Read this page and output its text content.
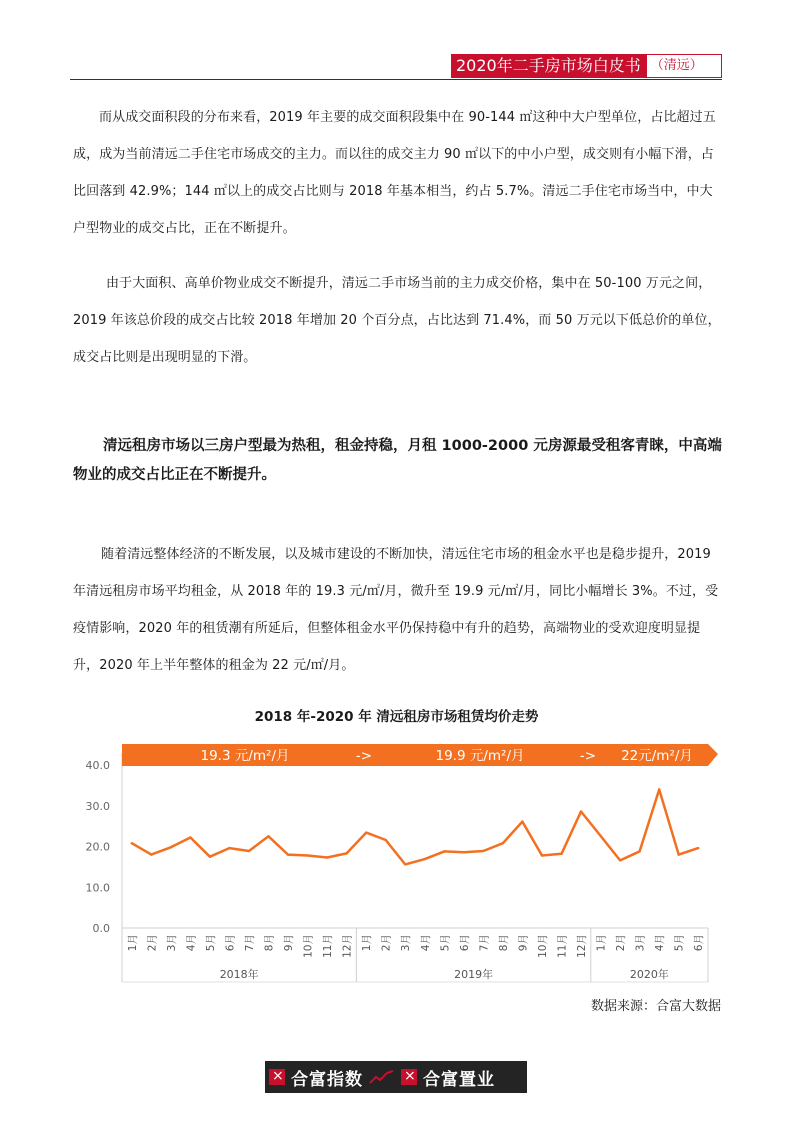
2020年二手房市场白皮书 （清远）

而从成交面积段的分布来看，2019 年主要的成交面积段集中在 90-144 ㎡这种中大户型单位，占比超过五成，成为当前清远二手住宅市场成交的主力。而以往的成交主力 90 ㎡以下的中小户型，成交则有小幅下滑，占比回落到 42.9%；144 ㎡以上的成交占比则与 2018 年基本相当，约占 5.7%。清远二手住宅市场当中，中大户型物业的成交占比，正在不断提升。

由于大面积、高单价物业成交不断提升，清远二手市场当前的主力成交价格，集中在 50-100 万元之间，2019 年该总价段的成交占比较 2018 年增加 20 个百分点，占比达到 71.4%，而 50 万元以下低总价的单位，成交占比则是出现明显的下滑。

清远租房市场以三房户型最为热租，租金持稳，月租 1000-2000 元房源最受租客青睐，中高端物业的成交占比正在不断提升。

随着清远整体经济的不断发展，以及城市建设的不断加快，清远住宅市场的租金水平也是稳步提升，2019 年清远租房市场平均租金，从 2018 年的 19.3 元/㎡/月，微升至 19.9 元/㎡/月，同比小幅增长 3%。不过，受疫情影响，2020 年的租赁潮有所延后，但整体租金水平仍保持稳中有升的趋势，高端物业的受欢迎度明显提升，2020 年上半年整体的租金为 22 元/㎡/月。

2018 年-2020 年 清远租房市场租赁均价走势
19.3 元/m²/月	->	19.9 元/m²/月	-> 22元/m²/月
0.0
10.0
20.0
30.0
40.0
1月 2月 3月 4月 5月 6月 7月 8月 9月 10月 11月 12月 1月 2月 3月 4月 5月 6月 7月 8月 9月 10月 11月 12月 1月 2月 3月 4月 5月 6月
2018年	2019年	2020年
数据来源：合富大数据
⨯
合富指数
⨯	合富置业
